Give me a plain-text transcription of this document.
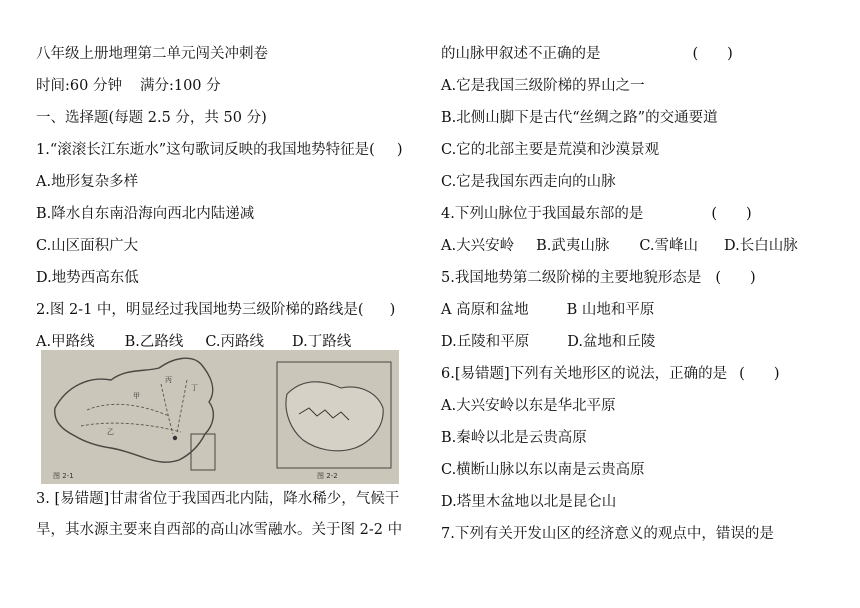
八年级上册地理第二单元闯关冲刺卷
时间:60 分钟 满分:100 分
一、选择题(每题 2.5 分，共 50 分)
1.“滚滚长江东逝水”这句歌词反映的我国地势特征是( )
A.地形复杂多样
B.降水自东南沿海向西北内陆递减
C.山区面积广大
D.地势西高东低
2.图 2-1 中，明显经过我国地势三级阶梯的路线是( )
A.甲路线 B.乙路线 C.丙路线 D.丁路线
甲
乙
丙
丁
图 2-1	图 2-2
3. [易错题]甘肃省位于我国西北内陆，降水稀少，气候干旱，其水源主要来自西部的高山冰雪融水。关于图 2-2 中
的山脉甲叙述不正确的是	(　　)
A.它是我国三级阶梯的界山之一
B.北侧山脚下是古代“丝绸之路”的交通要道
C.它的北部主要是荒漠和沙漠景观
C.它是我国东西走向的山脉
4.下列山脉位于我国最东部的是	(　　)
A.大兴安岭 B.武夷山脉 C.雪峰山 D.长白山脉
5.我国地势第二级阶梯的主要地貌形态是 (　　)
A 高原和盆地	B 山地和平原
D.丘陵和平原	D.盆地和丘陵
6.[易错题]下列有关地形区的说法，正确的是 (　　)
A.大兴安岭以东是华北平原
B.秦岭以北是云贵高原
C.横断山脉以东以南是云贵高原
D.塔里木盆地以北是昆仑山
7.下列有关开发山区的经济意义的观点中，错误的是
